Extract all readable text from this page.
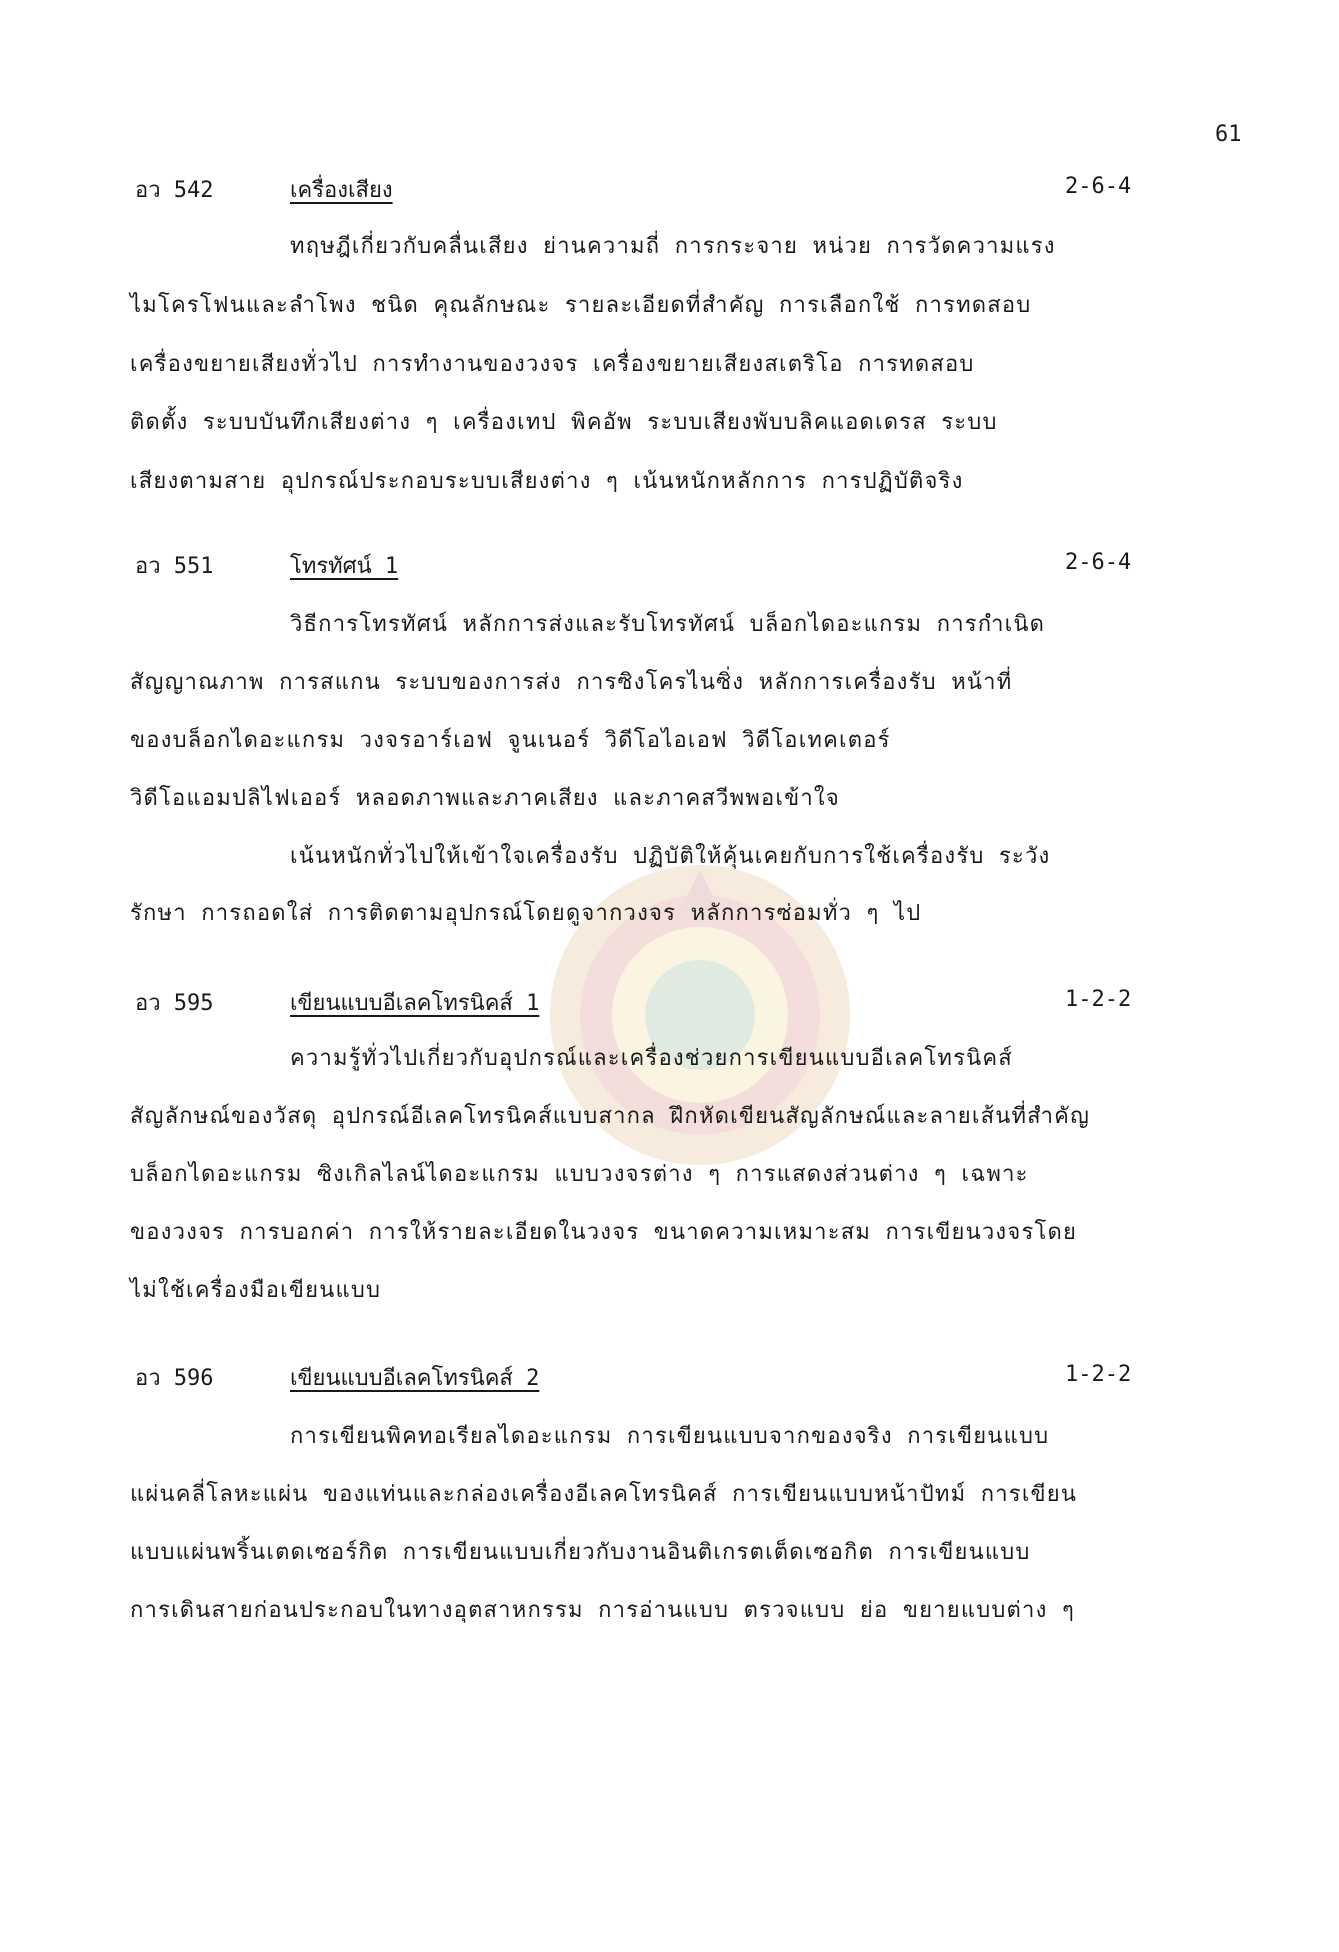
61
อว 542	เครื่องเสียง	2-6-4
ทฤษฎีเกี่ยวกับคลื่นเสียง ย่านความถี่ การกระจาย หน่วย การวัดความแรง
ไมโครโฟนและลำโพง ชนิด คุณลักษณะ รายละเอียดที่สำคัญ การเลือกใช้ การทดสอบ
เครื่องขยายเสียงทั่วไป การทำงานของวงจร เครื่องขยายเสียงสเตริโอ การทดสอบ
ติดตั้ง ระบบบันทึกเสียงต่าง ๆ เครื่องเทป พิคอัพ ระบบเสียงพับบลิคแอดเดรส ระบบ
เสียงตามสาย อุปกรณ์ประกอบระบบเสียงต่าง ๆ เน้นหนักหลักการ การปฏิบัติจริง
อว 551	โทรทัศน์ 1	2-6-4
วิธีการโทรทัศน์ หลักการส่งและรับโทรทัศน์ บล็อกไดอะแกรม การกำเนิด
สัญญาณภาพ การสแกน ระบบของการส่ง การซิงโครไนซิ่ง หลักการเครื่องรับ หน้าที่
ของบล็อกไดอะแกรม วงจรอาร์เอฟ จูนเนอร์ วิดีโอไอเอฟ วิดีโอเทคเตอร์
วิดีโอแอมปลิไฟเออร์ หลอดภาพและภาคเสียง และภาคสวีพพอเข้าใจ
เน้นหนักทั่วไปให้เข้าใจเครื่องรับ ปฏิบัติให้คุ้นเคยกับการใช้เครื่องรับ ระวัง
รักษา การถอดใส่ การติดตามอุปกรณ์โดยดูจากวงจร หลักการซ่อมทั่ว ๆ ไป
อว 595	เขียนแบบอีเลคโทรนิคส์ 1	1-2-2
ความรู้ทั่วไปเกี่ยวกับอุปกรณ์และเครื่องช่วยการเขียนแบบอีเลคโทรนิคส์
สัญลักษณ์ของวัสดุ อุปกรณ์อีเลคโทรนิคส์แบบสากล ฝึกหัดเขียนสัญลักษณ์และลายเส้นที่สำคัญ
บล็อกไดอะแกรม ซิงเกิลไลน์ไดอะแกรม แบบวงจรต่าง ๆ การแสดงส่วนต่าง ๆ เฉพาะ
ของวงจร การบอกค่า การให้รายละเอียดในวงจร ขนาดความเหมาะสม การเขียนวงจรโดย
ไม่ใช้เครื่องมือเขียนแบบ
อว 596	เขียนแบบอีเลคโทรนิคส์ 2	1-2-2
การเขียนพิคทอเรียลไดอะแกรม การเขียนแบบจากของจริง การเขียนแบบ
แผ่นคลี่โลหะแผ่น ของแท่นและกล่องเครื่องอีเลคโทรนิคส์ การเขียนแบบหน้าปัทม์ การเขียน
แบบแผ่นพริ้นเตดเซอร์กิต การเขียนแบบเกี่ยวกับงานอินติเกรตเต็ดเซอกิต การเขียนแบบ
การเดินสายก่อนประกอบในทางอุตสาหกรรม การอ่านแบบ ตรวจแบบ ย่อ ขยายแบบต่าง ๆ
